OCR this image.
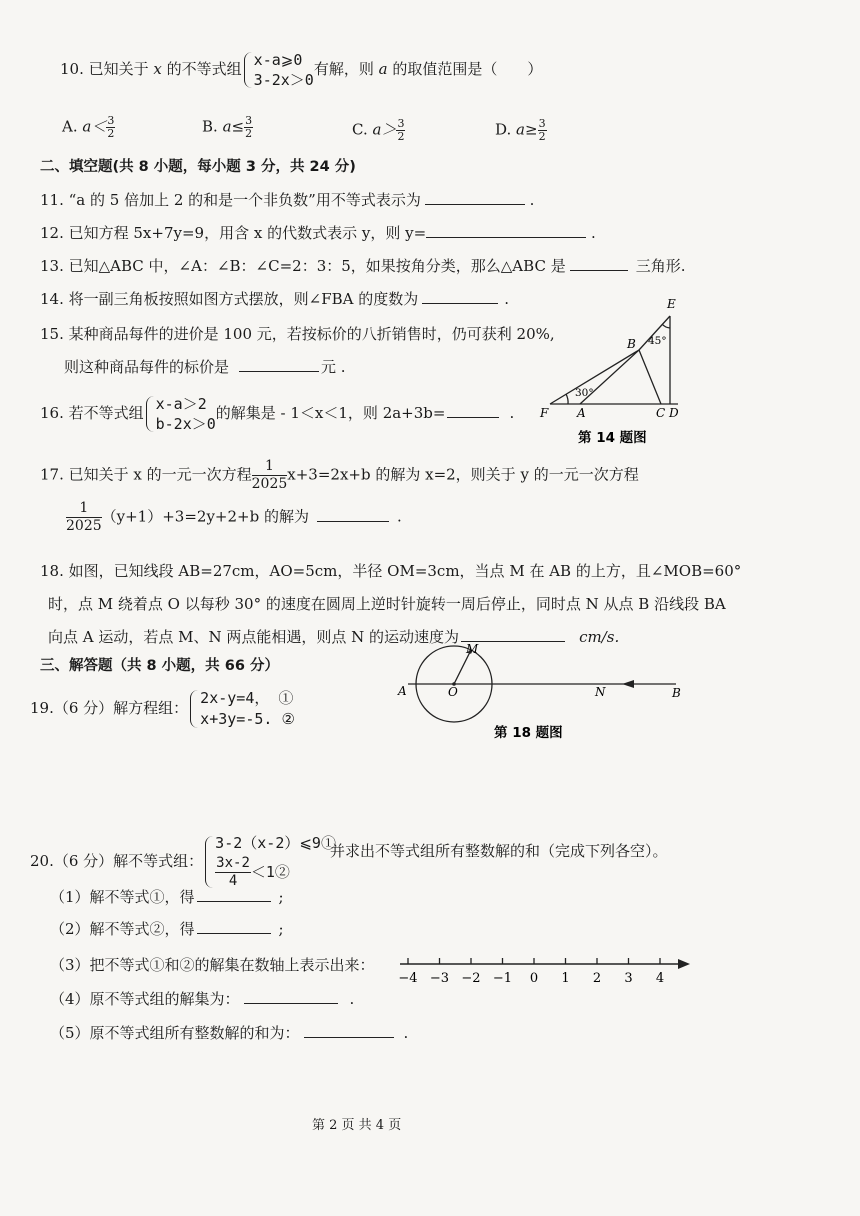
10. 已知关于 x 的不等式组 x-a⩾0
3-2x＞0
有解，则 a 的取值范围是（　　）
A. $a< \frac{3}{2}$	B. $a\le \frac{3}{2}$	C. $a> \frac{3}{2}$	D. $a\ge \frac{3}{2}$
二、填空题(共 8 小题，每小题 3 分，共 24 分)
11. “a 的 5 倍加上 2 的和是一个非负数”用不等式表示为	.
12. 已知方程 5x+7y=9，用含 x 的代数式表示 y，则 y=	.
13. 已知△ABC 中，∠A：∠B：∠C=2：3：5，如果按角分类，那么△ABC 是	三角形.
14. 将一副三角板按照如图方式摆放，则∠FBA 的度数为	.
15. 某种商品每件的进价是 100 元，若按标价的八折销售时，仍可获利 20%,
则这种商品每件的标价是	元 .
E
B 45°
30°
F A	C D
第 14 题图
16. 若不等式组 x-a＞2
b-2x＞0
的解集是 - 1＜x＜1，则 2a+3b=	.
17. 已知关于 x 的一元一次方程 $\frac{1}{2025} x+3=2x+b$ 的解为 x=2，则关于 y 的一元一次方程
$\frac{1}{2025} (y+1)+3=2y+2+b$ 的解为	.
18. 如图，已知线段 AB=27cm，AO=5cm，半径 OM=3cm，当点 M 在 AB 的上方，且∠MOB=60°
时，点 M 绕着点 O 以每秒 30° 的速度在圆周上逆时针旋转一周后停止，同时点 N 从点 B 沿线段 BA
向点 A 运动，若点 M、N 两点能相遇，则点 N 的运动速度为	cm/s.
三、解答题（共 8 小题，共 66 分）
A	O
M
N	B
第 18 题图
19.（6 分）解方程组：
2x-y=4， ①
x+3y=-5. ②
20.（6 分）解不等式组：
3-2（x-2）⩽9①
$\frac{3x-2}{4}$ ＜1②
并求出不等式组所有整数解的和（完成下列各空）。
（1）解不等式①，得	;
（2）解不等式②，得	;
（3）把不等式①和②的解集在数轴上表示出来：
（4）原不等式组的解集为：	.
（5）原不等式组所有整数解的和为：	.
−4 −3 −2 −1 0 1 2 3 4
第 2 页 共 4 页
